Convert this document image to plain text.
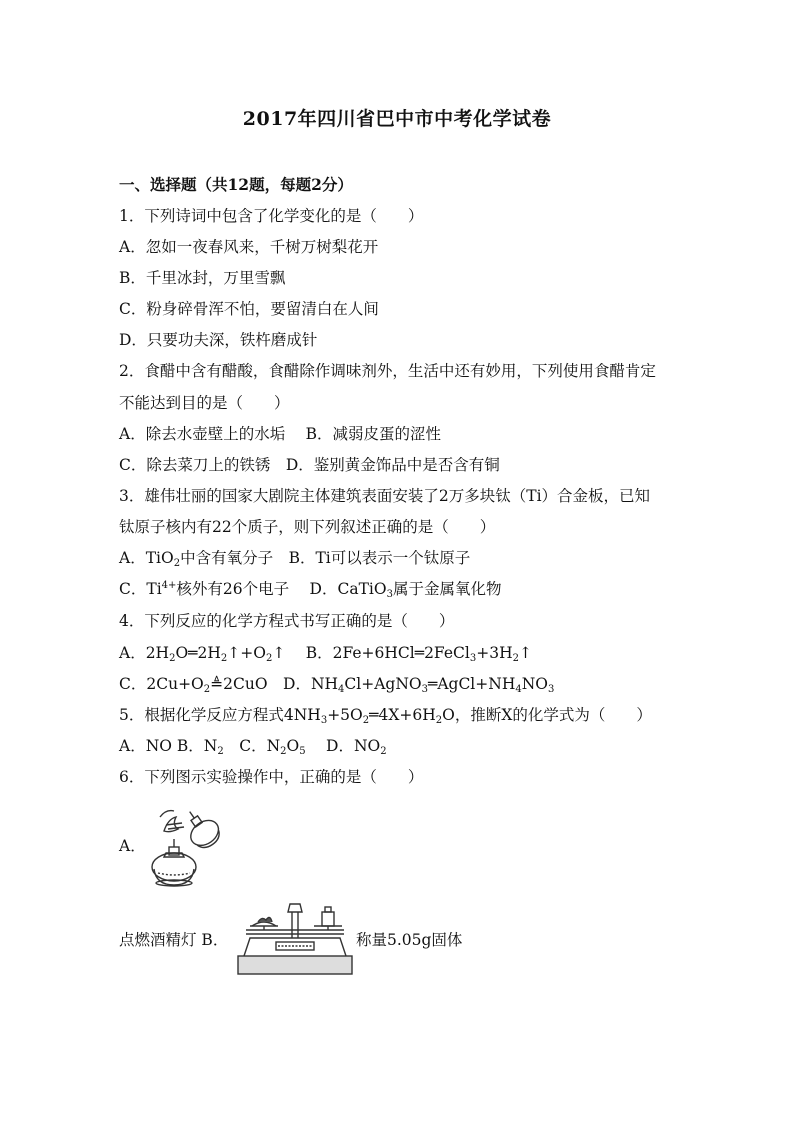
2017年四川省巴中市中考化学试卷
一、选择题（共12题，每题2分）
1．下列诗词中包含了化学变化的是（　　）
A．忽如一夜春风来，千树万树梨花开
B．千里冰封，万里雪飘
C．粉身碎骨浑不怕，要留清白在人间
D．只要功夫深，铁杵磨成针
2．食醋中含有醋酸，食醋除作调味剂外，生活中还有妙用，下列使用食醋肯定
不能达到目的是（　　）
A．除去水壶壁上的水垢　 B．减弱皮蛋的涩性
C．除去菜刀上的铁锈　D．鉴别黄金饰品中是否含有铜
3．雄伟壮丽的国家大剧院主体建筑表面安装了2万多块钛（Ti）合金板，已知
钛原子核内有22个质子，则下列叙述正确的是（　　）
A．TiO$_2$中含有氧分子　B．Ti可以表示一个钛原子
C．$Ti^{4+}$核外有26个电子　 D．CaTiO$_3$属于金属氧化物
4．下列反应的化学方程式书写正确的是（　　）
A．$2H_2O═2H_2↑+O_2↑$　 B．$2Fe+6HCl═2FeCl_3+3H_2↑$
C．$2Cu+O_2≜2CuO$　D．$NH_4Cl+AgNO_3═AgCl+NH_4NO_3$
5．根据化学反应方程式$4NH_3+5O_2═4X+6H_2O$，推断X的化学式为（　　）
A．NO B．$N_2$　C．$N_2O_5$　 D．$NO_2$
6．下列图示实验操作中，正确的是（　　）
A．
点燃酒精灯 B．	称量5.05g固体
